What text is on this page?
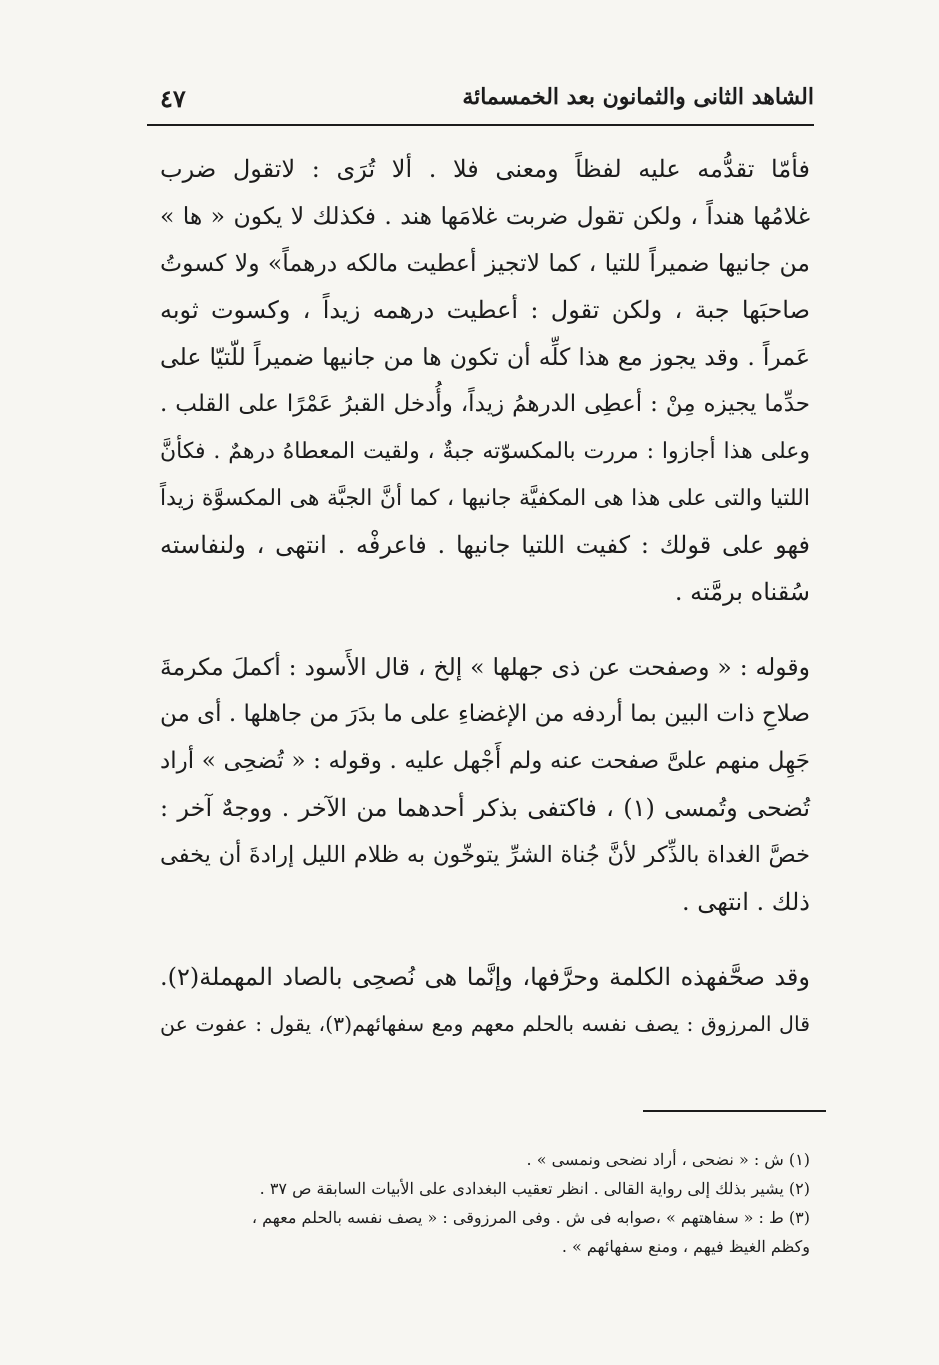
الشاهد الثانى والثمانون بعد الخمسمائة
٤٧

فأمّا تقدُّمه عليه لفظاً ومعنى فلا . ألا تُرَى : لاتقول ضرب
غلامُها هنداً ، ولكن تقول ضربت غلامَها هند . فكذلك لا يكون « ها »
من جانيها ضميراً للتيا ، كما لاتجيز أعطيت مالكه درهماً» ولا كسوتُ
صاحبَها جبة ، ولكن تقول : أعطيت درهمه زيداً ، وكسوت ثوبه
عَمراً . وقد يجوز مع هذا كلِّه أن تكون ها من جانيها ضميراً للّتيّا على
حدِّما يجيزه مِنْ : أعطِى الدرهمُ زيداً، وأُدخل القبرُ عَمْرًا على القلب .
وعلى هذا أجازوا : مررت بالمكسوّته جبةٌ ، ولقيت المعطاهُ درهمٌ . فكأنَّ
اللتيا والتى على هذا هى المكفيَّة جانيها ، كما أنَّ الجبَّة هى المكسوَّة زيداً
فهو على قولك : كفيت اللتيا جانيها . فاعرفْه . انتهى ، ولنفاسته
سُقناه برمَّته .

وقوله : « وصفحت عن ذى جهلها » إلخ ، قال الأَسود : أكملَ مكرمةَ
صلاحِ ذات البين بما أردفه من الإغضاءِ على ما بدَرَ من جاهلها . أى من
جَهِل منهم علىَّ صفحت عنه ولم أَجْهل عليه . وقوله : « تُضحِى » أراد
تُضحى وتُمسى (١) ، فاكتفى بذكر أحدهما من الآخر . ووجهٌ آخر :
خصَّ الغداة بالذِّكر لأنَّ جُناة الشرِّ يتوخّون به ظلام الليل إرادةَ أن يخفى
ذلك . انتهى .

وقد صحَّفهذه الكلمة وحرَّفها، وإنَّما هى نُصحِى بالصاد المهملة(٢).
قال المرزوق : يصف نفسه بالحلم معهم ومع سفهائهم(٣)، يقول : عفوت عن

(١) ش : « نضحى ، أراد نضحى ونمسى » .

(٢) يشير بذلك إلى رواية القالى . انظر تعقيب البغدادى على الأبيات السابقة ص ٣٧ .

(٣) ط : « سفاهتهم » ،صوابه فى ش . وفى المرزوقى : « يصف نفسه بالحلم معهم ،

وكظم الغيظ فيهم ، ومنع سفهائهم » .
